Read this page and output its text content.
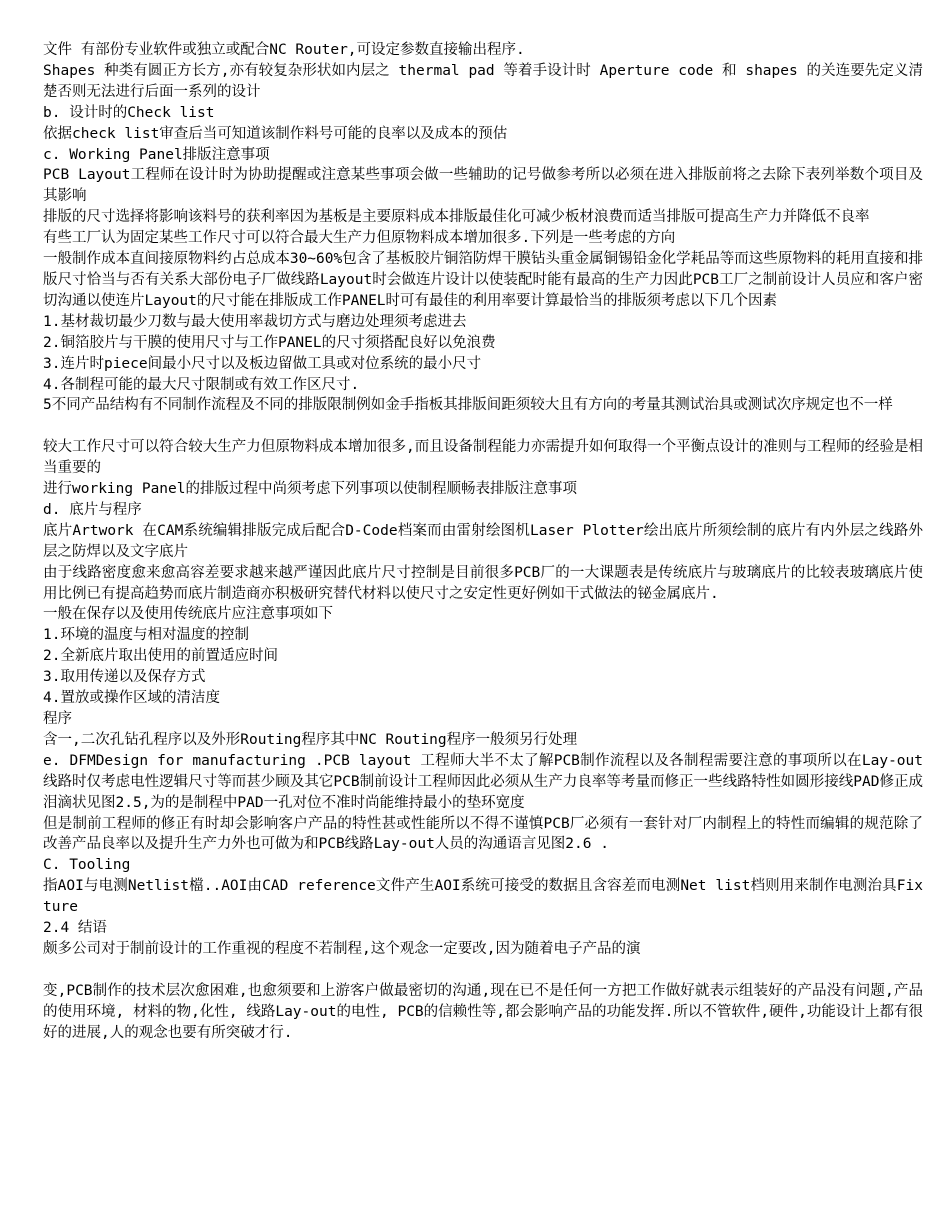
文件 有部份专业软件或独立或配合NC Router,可设定参数直接输出程序.
Shapes 种类有圆正方长方,亦有较复杂形状如内层之 thermal pad 等着手设计时 Aperture code 和 shapes 的关连要先定义清楚否则无法进行后面一系列的设计
b. 设计时的Check list
依据check list审查后当可知道该制作料号可能的良率以及成本的预估
c. Working Panel排版注意事项
PCB Layout工程师在设计时为协助提醒或注意某些事项会做一些辅助的记号做参考所以必须在进入排版前将之去除下表列举数个项目及其影响
排版的尺寸选择将影响该料号的获利率因为基板是主要原料成本排版最佳化可减少板材浪费而适当排版可提高生产力并降低不良率
有些工厂认为固定某些工作尺寸可以符合最大生产力但原物料成本增加很多.下列是一些考虑的方向
一般制作成本直间接原物料约占总成本30~60%包含了基板胶片铜箔防焊干膜钻头重金属铜锡铅金化学耗品等而这些原物料的耗用直接和排版尺寸恰当与否有关系大部份电子厂做线路Layout时会做连片设计以使装配时能有最高的生产力因此PCB工厂之制前设计人员应和客户密切沟通以使连片Layout的尺寸能在排版成工作PANEL时可有最佳的利用率要计算最恰当的排版须考虑以下几个因素
1.基材裁切最少刀数与最大使用率裁切方式与磨边处理须考虑进去
2.铜箔胶片与干膜的使用尺寸与工作PANEL的尺寸须搭配良好以免浪费
3.连片时piece间最小尺寸以及板边留做工具或对位系统的最小尺寸
4.各制程可能的最大尺寸限制或有效工作区尺寸.
5不同产品结构有不同制作流程及不同的排版限制例如金手指板其排版间距须较大且有方向的考量其测试治具或测试次序规定也不一样
较大工作尺寸可以符合较大生产力但原物料成本增加很多,而且设备制程能力亦需提升如何取得一个平衡点设计的准则与工程师的经验是相当重要的
进行working Panel的排版过程中尚须考虑下列事项以使制程顺畅表排版注意事项
d. 底片与程序
底片Artwork 在CAM系统编辑排版完成后配合D-Code档案而由雷射绘图机Laser Plotter绘出底片所须绘制的底片有内外层之线路外层之防焊以及文字底片
由于线路密度愈来愈高容差要求越来越严谨因此底片尺寸控制是目前很多PCB厂的一大课题表是传统底片与玻璃底片的比较表玻璃底片使用比例已有提高趋势而底片制造商亦积极研究替代材料以使尺寸之安定性更好例如干式做法的铋金属底片.
一般在保存以及使用传统底片应注意事项如下
1.环境的温度与相对温度的控制
2.全新底片取出使用的前置适应时间
3.取用传递以及保存方式
4.置放或操作区域的清洁度
程序
含一,二次孔钻孔程序以及外形Routing程序其中NC Routing程序一般须另行处理
e. DFMDesign for manufacturing .PCB layout 工程师大半不太了解PCB制作流程以及各制程需要注意的事项所以在Lay-out线路时仅考虑电性逻辑尺寸等而甚少顾及其它PCB制前设计工程师因此必须从生产力良率等考量而修正一些线路特性如圆形接线PAD修正成泪滴状见图2.5,为的是制程中PAD一孔对位不准时尚能维持最小的垫环宽度
但是制前工程师的修正有时却会影响客户产品的特性甚或性能所以不得不谨慎PCB厂必须有一套针对厂内制程上的特性而编辑的规范除了改善产品良率以及提升生产力外也可做为和PCB线路Lay-out人员的沟通语言见图2.6 .
C. Tooling
指AOI与电测Netlist檔..AOI由CAD reference文件产生AOI系统可接受的数据且含容差而电测Net list档则用来制作电测治具Fixture
2.4 结语
颇多公司对于制前设计的工作重视的程度不若制程,这个观念一定要改,因为随着电子产品的演
变,PCB制作的技术层次愈困难,也愈须要和上游客户做最密切的沟通,现在已不是任何一方把工作做好就表示组装好的产品没有问题,产品的使用环境, 材料的物,化性, 线路Lay-out的电性, PCB的信赖性等,都会影响产品的功能发挥.所以不管软件,硬件,功能设计上都有很好的进展,人的观念也要有所突破才行.
